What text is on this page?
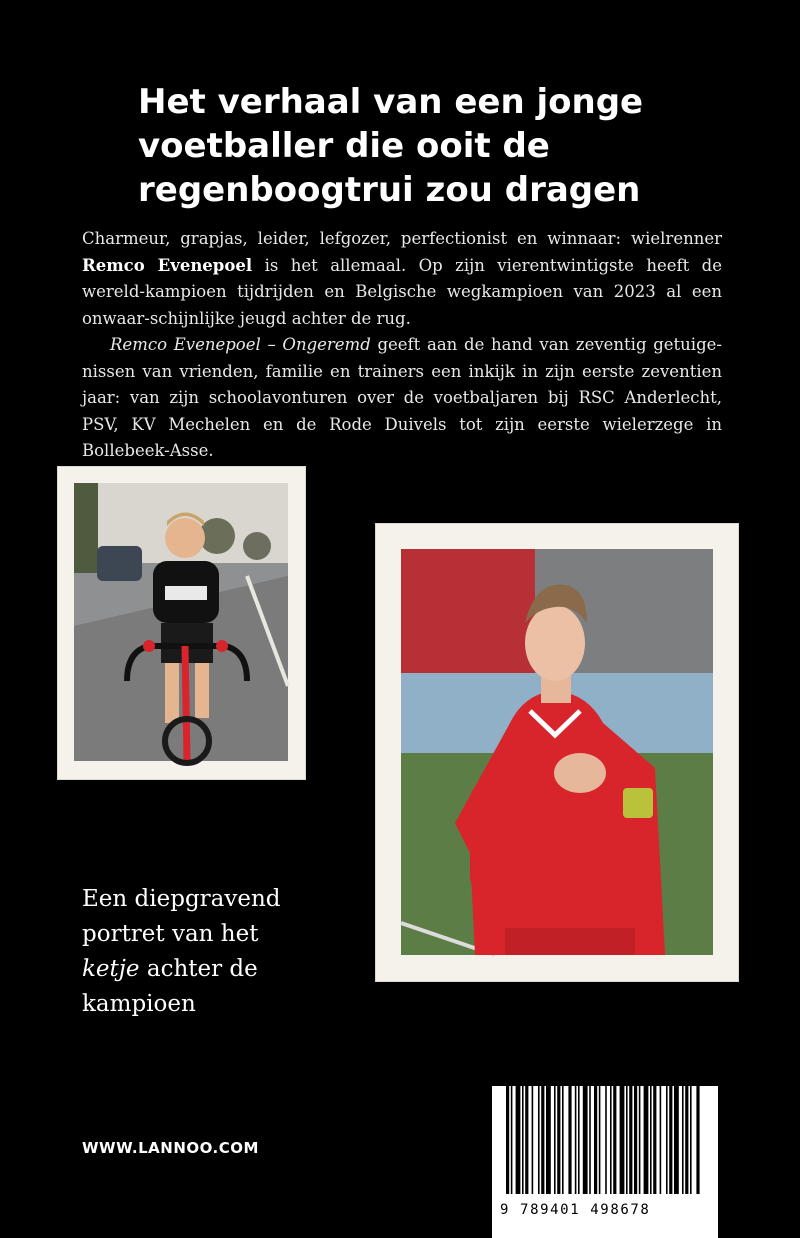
Het verhaal van een jonge
voetballer die ooit de
regenboogtrui zou dragen

Charmeur, grapjas, leider, lefgozer, perfectionist en winnaar: wielrenner Remco Evenepoel is het allemaal. Op zijn vierentwintigste heeft de wereld-kampioen tijdrijden en Belgische wegkampioen van 2023 al een onwaar-schijnlijke jeugd achter de rug.

Remco Evenepoel – Ongeremd geeft aan de hand van zeventig getuige-nissen van vrienden, familie en trainers een inkijk in zijn eerste zeventien jaar: van zijn schoolavonturen over de voetbaljaren bij RSC Anderlecht, PSV, KV Mechelen en de Rode Duivels tot zijn eerste wielerzege in Bollebeek-Asse.

Een diepgravend
portret van het
ketje achter de
kampioen
WWW.LANNOO.COM
9 789401 498678
